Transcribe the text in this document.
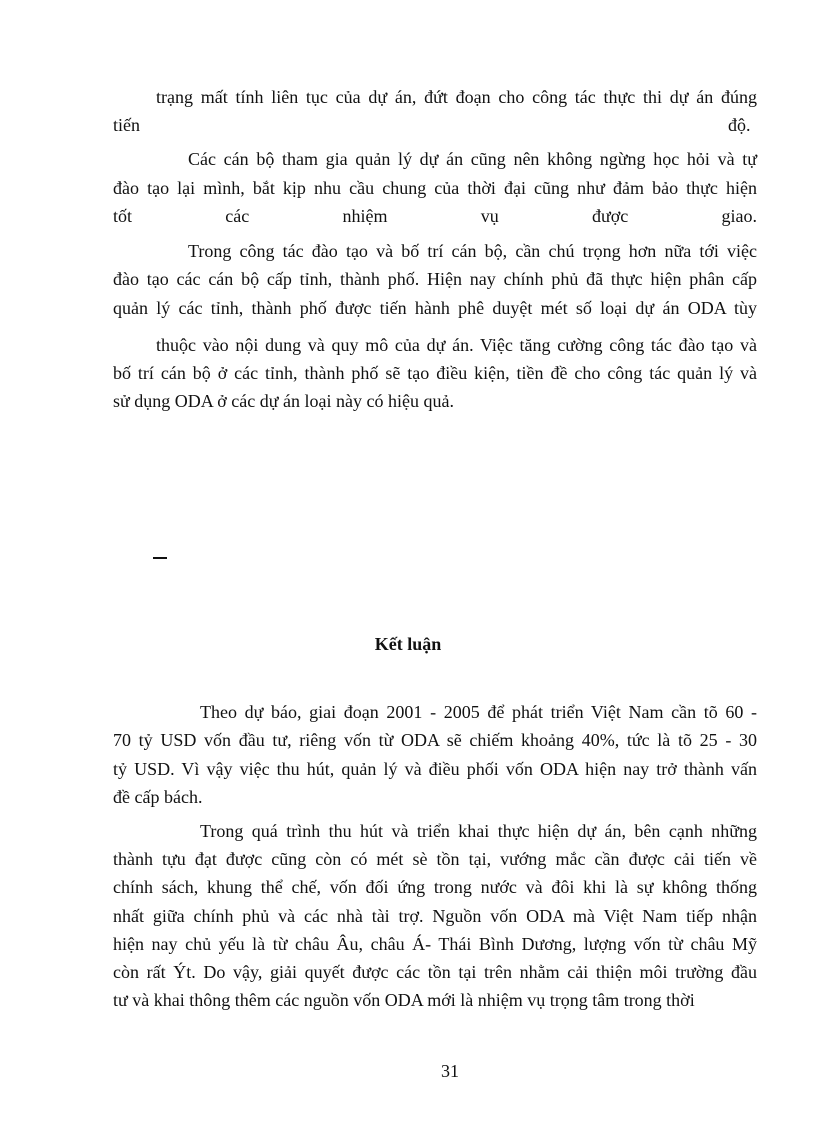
trạng mất tính liên tục của dự án, đứt đoạn cho công tác thực thi dự án đúng
tiến	độ.
Các cán bộ tham gia quản lý dự án cũng nên không ngừng học hỏi và tự
đào tạo lại mình, bắt kịp nhu cầu chung của thời đại cũng như đảm bảo thực hiện
tốt các nhiệm vụ được giao.
Trong công tác đào tạo và bố trí cán bộ, cần chú trọng hơn nữa tới việc
đào tạo các cán bộ cấp tỉnh, thành phố. Hiện nay chính phủ đã thực hiện phân cấp
quản lý các tỉnh, thành phố được tiến hành phê duyệt mét số loại dự án ODA tùy
thuộc vào nội dung và quy mô của dự án. Việc tăng cường công tác đào tạo và
bố trí cán bộ ở các tỉnh, thành phố sẽ tạo điều kiện, tiền đề cho công tác quản lý và
sử dụng ODA ở các dự án loại này có hiệu quả.
Kết luận
Theo dự báo, giai đoạn 2001 - 2005 để phát triển Việt Nam cần tõ 60 -
70 tỷ USD vốn đầu tư, riêng vốn từ ODA sẽ chiếm khoảng 40%, tức là tõ 25 - 30
tỷ USD. Vì vậy việc thu hút, quản lý và điều phối vốn ODA hiện nay trở thành vấn
đề cấp bách.
Trong quá trình thu hút và triển khai thực hiện dự án, bên cạnh những
thành tựu đạt được cũng còn có mét sè tồn tại, vướng mắc cần được cải tiến về
chính sách, khung thể chế, vốn đối ứng trong nước và đôi khi là sự không thống
nhất giữa chính phủ và các nhà tài trợ. Nguồn vốn ODA mà Việt Nam tiếp nhận
hiện nay chủ yếu là từ châu Âu, châu Á- Thái Bình Dương, lượng vốn từ châu Mỹ
còn rất Ýt. Do vậy, giải quyết được các tồn tại trên nhằm cải thiện môi trường đầu
tư và khai thông thêm các nguồn vốn ODA mới là nhiệm vụ trọng tâm trong thời
31
